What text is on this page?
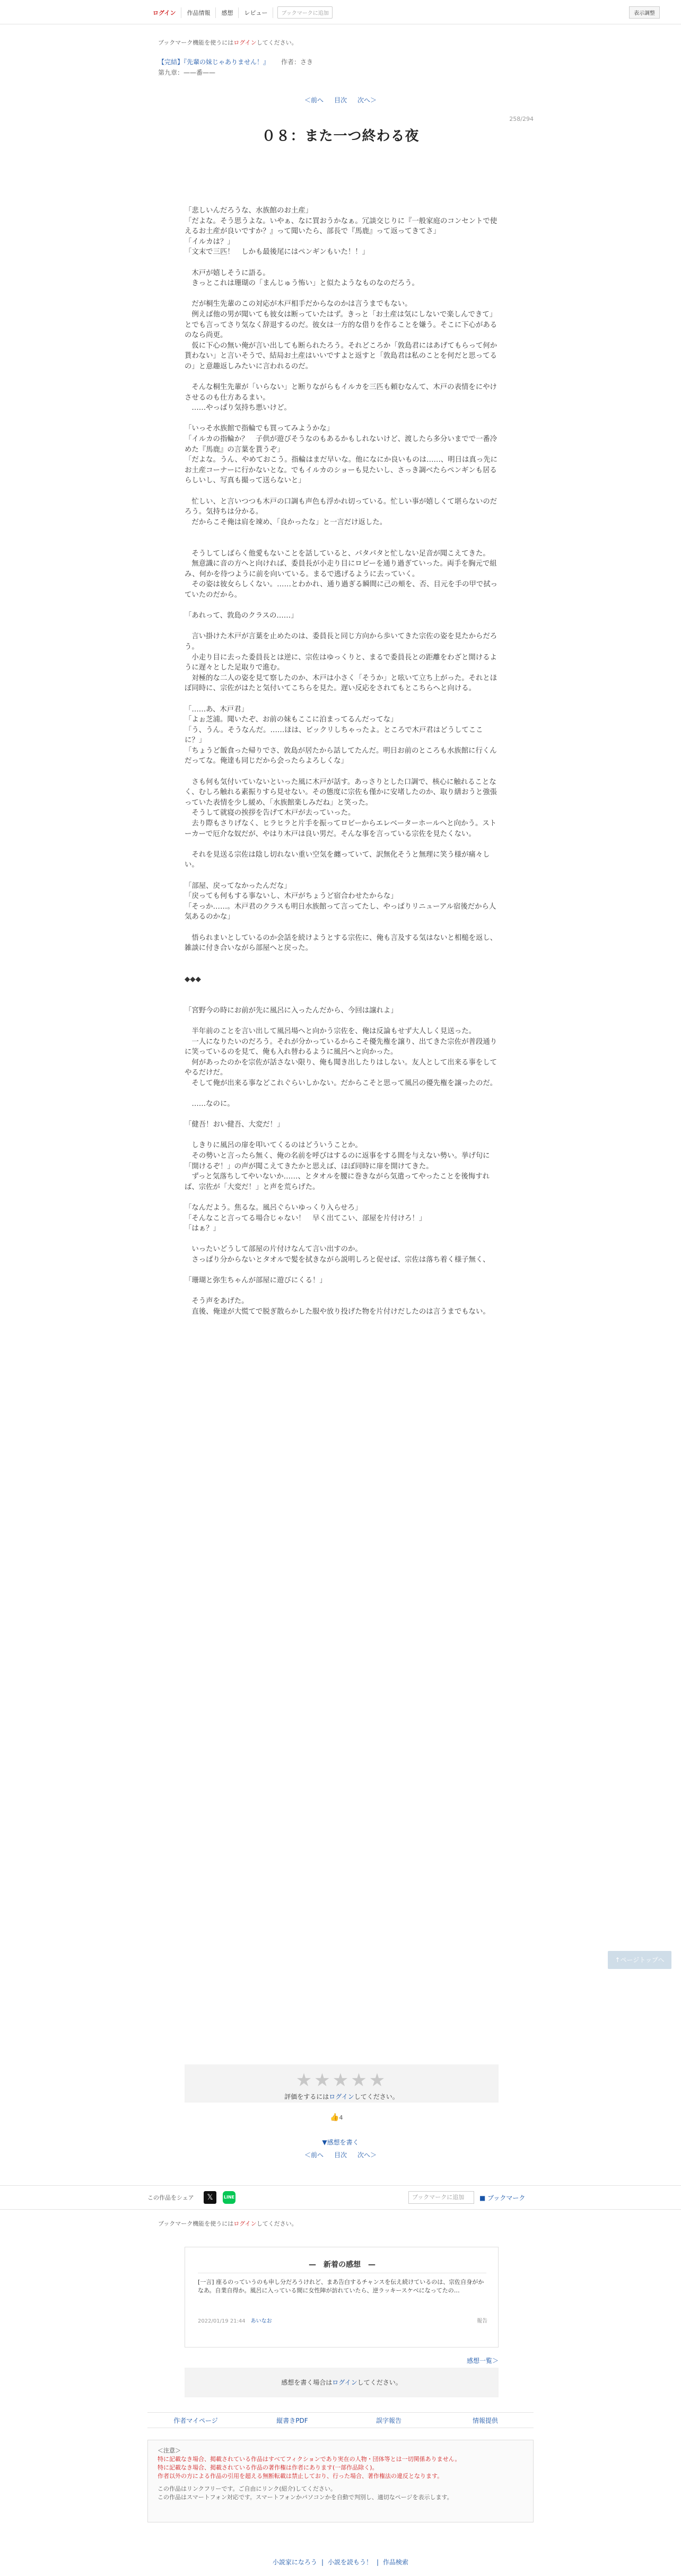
ログイン	作品情報	感想	レビュー	ブックマークに追加	表示調整
ブックマーク機能を使うにはログインしてください。
【完結】『先輩の妹じゃありません！』 作者：さき
第九章：——番——
＜前へ 目次 次へ＞
258/294
０８：また一つ終わる夜
「悲しいんだろうな、水族館のお土産」
「だよな。そう思うよな。いやぁ、なに買おうかなぁ。冗談交じりに『一般家庭のコンセントで使えるお土産が良いですか？』って聞いたら、部長で『馬鹿』って返ってきてさ」
「イルカは？」
「文末で三匹！　しかも最後尾にはペンギンもいた！！」
　木戸が嬉しそうに語る。
　きっとこれは珊瑚の「まんじゅう怖い」と似たようなものなのだろう。
　だが桐生先輩のこの対応が木戸相手だからなのかは言うまでもない。
　例えば他の男が聞いても彼女は断っていたはず。きっと「お土産は気にしないで楽しんできて」とでも言ってさり気なく辞退するのだ。彼女は一方的な借りを作ることを嫌う。そこに下心があるのなら尚更。
　仮に下心の無い俺が言い出しても断られたろう。それどころか「敦島君にはあげてもらって何か貰わない」と言いそうで、結局お土産はいいですよと返すと「敦島君は私のことを何だと思ってるの」と意趣返しみたいに言われるのだ。
　そんな桐生先輩が「いらない」と断りながらもイルカを三匹も頼むなんて、木戸の表情をにやけさせるのも仕方あるまい。
　……やっぱり気持ち悪いけど。
「いっそ水族館で指輪でも買ってみようかな」
「イルカの指輪か？　子供が遊びそうなのもあるかもしれないけど、渡したら多分いまでで一番冷めた『馬鹿』の言葉を貰うぞ」
「だよな。うん、やめておこう。指輪はまだ早いな。他になにか良いものは……、明日は真っ先にお土産コーナーに行かないとな。でもイルカのショーも見たいし、さっき調べたらペンギンも居るらしいし、写真も撮って送らないと」
　忙しい、と言いつつも木戸の口調も声色も浮かれ切っている。忙しい事が嬉しくて堪らないのだろう。気持ちは分かる。
　だからこそ俺は肩を竦め、「良かったな」と一言だけ返した。
　そうしてしばらく他愛もないことを話していると、パタパタと忙しない足音が聞こえてきた。
　無意識に音の方へと向ければ、委員長が小走り目にロビーを通り過ぎていった。両手を胸元で組み、何かを待つように前を向いている。まるで逃げるように去っていく。
　その姿は彼女らしくない。……とわかれ、通り過ぎる瞬間に己の頬を、否、目元を手の甲で拭っていたのだから。
「あれって、敦島のクラスの……」
　言い掛けた木戸が言葉を止めたのは、委員長と同じ方向から歩いてきた宗佐の姿を見たからだろう。
　小走り目に去った委員長とは逆に、宗佐はゆっくりと、まるで委員長との距離をわざと開けるように遅々とした足取りで進む。
　対極的な二人の姿を見て察したのか、木戸は小さく「そうか」と呟いて立ち上がった。それとほぼ同時に、宗佐がはたと気付いてこちらを見た。遅い反応をされてもとこちらへと向ける。
「……あ、木戸君」
「よぉ芝浦。聞いたぞ、お前の妹もここに泊まってるんだってな」
「う、うん。そうなんだ。……ほは、ビックリしちゃったよ。ところで木戸君はどうしてここに？」
「ちょうど飯食った帰りでさ、敦島が居たから話してたんだ。明日お前のところも水族館に行くんだってな。俺達も同じだから会ったらよろしくな」
　さも何も気付いていないといった風に木戸が話す。あっさりとした口調で、核心に触れることなく、むしろ触れる素振りすら見せない。その態度に宗佐も僅かに安堵したのか、取り繕おうと強張っていた表情を少し緩め、「水族館楽しみだね」と笑った。
　そうして就寝の挨拶を告げて木戸が去っていった。
　去り際もさりげなく、ヒラヒラと片手を振ってロビーからエレベーターホールへと向かう。ストーカーで厄介な奴だが、やはり木戸は良い男だ。そんな事を言っている宗佐を見たくない。
　それを見送る宗佐は陰し切れない重い空気を纏っていて、訳無化そうと無理に笑う様が痛々しい。
「部屋、戻ってなかったんだな」
「戻っても何もする事ないし、木戸がちょうど宿合わせたからな」
「そっか……。木戸君のクラスも明日水族館って言ってたし、やっぱりリニューアル宿後だから人気あるのかな」
　悟られまいとしているのか会話を続けようとする宗佐に、俺も言及する気はないと相槌を返し、雑談に付き合いながら部屋へと戻った。
◆◆◆
「宮野今の時にお前が先に風呂に入ったんだから、今回は譲れよ」
　半年前のことを言い出して風呂場へと向かう宗佐を、俺は反論もせず大人しく見送った。
　一人になりたいのだろう。それが分かっているからこそ優先権を譲り、出てきた宗佐が普段通りに笑っているのを見て、俺も入れ替わるように風呂へと向かった。
　何があったのかを宗佐が話さない限り、俺も聞き出したりはしない。友人として出来る事をしてやるだけだ。
　そして俺が出来る事などこれぐらいしかない。だからこそと思って風呂の優先権を譲ったのだ。
　……なのに。
「健吾！おい健吾、大変だ！」
　しきりに風呂の扉を叩いてくるのはどういうことか。
　その勢いと言ったら無く、俺の名前を呼びはするのに返事をする間を与えない勢い。挙げ句に「開けるぞ！」の声が聞こえてきたかと思えば、ほぼ同時に扉を開けてきた。
　ずっと気落ちしてやいないか……、とタオルを腰に巻きながら気遣ってやったことを後悔すれば、宗佐が「大変だ！」と声を荒らげた。
「なんだよう。焦るな。風呂ぐらいゆっくり入らせろ」
「そんなこと言ってる場合じゃない！　早く出てこい、部屋を片付けろ！」
「はぁ？」
　いったいどうして部屋の片付けなんて言い出すのか。
　さっぱり分からないとタオルで髪を拭きながら説明しろと促せば、宗佐は落ち着く様子無く、
「珊瑚と弥生ちゃんが部屋に遊びにくる！」
　そう声をあげた。
　直後、俺達が大慌てで脱ぎ散らかした服や放り投げた物を片付けだしたのは言うまでもない。
↑ページトップへ
★★★★★
評価をするにはログインしてください。
👍4
▼感想を書く
＜前へ 目次 次へ＞
この作品をシェア	𝕏	LINE	ブックマークに追加	■ ブックマーク
ブックマーク機能を使うにはログインしてください。
—　新着の感想　—
[一言] 座るのっていうのも申し分だろうけれど、まあ告白するチャンスを伝え続けているのは、宗佐自身がかなあ。自業自得か。風呂に入っている間に女性陣が訪れていたら、逆ラッキースケベになってたの…
2022/01/19 21:44 あいなお	報告
感想一覧＞
感想を書く場合はログインしてください。
作者マイページ	縦書きPDF	誤字報告	情報提供
＜注意＞
特に記載なき場合、掲載されている作品はすべてフィクションであり実在の人物・団体等とは一切関係ありません。
特に記載なき場合、掲載されている作品の著作権は作者にあります(一部作品除く)。
作者以外の方による作品の引用を超える無断転載は禁止しており、行った場合、著作権法の違反となります。
この作品はリンクフリーです。ご自由にリンク(紹介)してください。
この作品はスマートフォン対応です。スマートフォンかパソコンかを自動で判別し、適切なページを表示します。
小説家になろう | 小説を読もう！ | 作品検索
